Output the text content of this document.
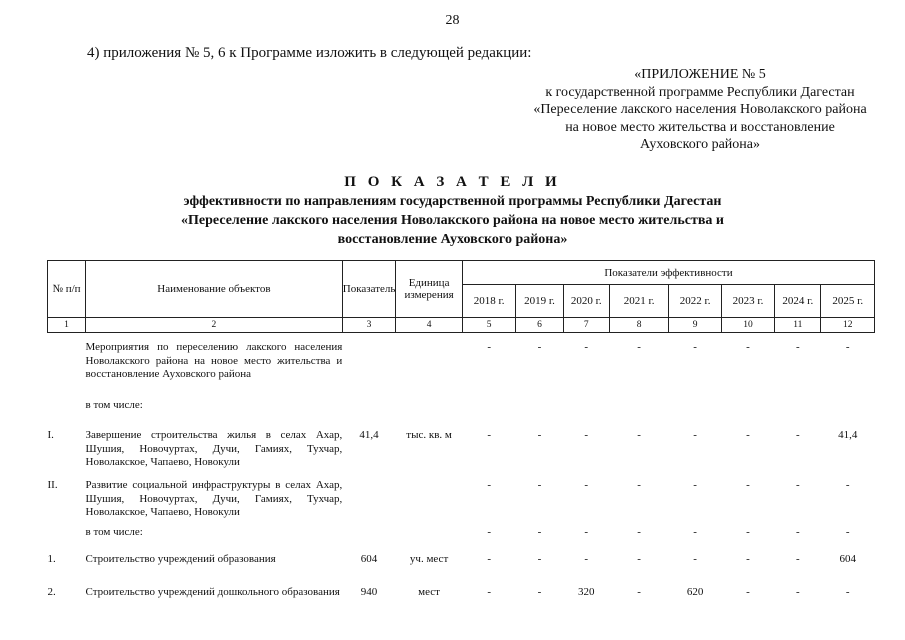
28
4) приложения № 5, 6 к Программе изложить в следующей редакции:
«ПРИЛОЖЕНИЕ № 5
к государственной программе Республики Дагестан
«Переселение лакского населения Новолакского района
на новое место жительства и восстановление
Ауховского района»
П О К А З А Т Е Л И
эффективности по направлениям государственной программы Республики Дагестан
«Переселение лакского населения Новолакского района на новое место жительства и
восстановление Ауховского района»
№ п/п	Наименование объектов	Показатель	Единица измерения	Показатели эффективности							
				2018 г.	2019 г.	2020 г.	2021 г.	2022 г.	2023 г.	2024 г.	2025 г.
1	2	3	4	5	6	7	8	9	10	11	12

	Мероприятия по переселению лакского населения Новолакского района на новое место жительства и восстановление Ауховского района			-	-	-	-	-	-	-	-
	в том числе:										

I.	Завершение строительства жилья в селах Ахар, Шушия, Новочуртах, Дучи, Гамиях, Тухчар, Новолакское, Чапаево, Новокули	41,4	тыс. кв. м	-	-	-	-	-	-	-	41,4
II.	Развитие социальной инфраструктуры в селах Ахар, Шушия, Новочуртах, Дучи, Гамиях, Тухчар, Новолакское, Чапаево, Новокули			-	-	-	-	-	-	-	-

	в том числе:			-	-	-	-	-	-	-	-
1.	Строительство учреждений образования	604	уч. мест	-	-	-	-	-	-	-	604

2.	Строительство учреждений дошкольного образования	940	мест	-	-	320	-	620	-	-	-
